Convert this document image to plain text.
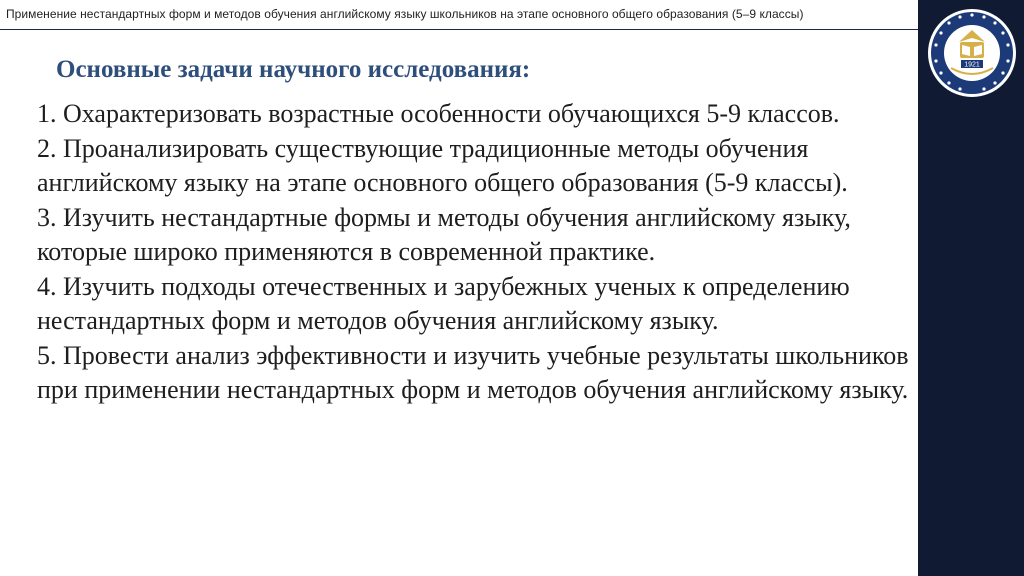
Применение нестандартных форм и методов обучения английскому языку школьников на этапе основного общего образования (5–9 классы)
1921
Основные задачи научного исследования:
1. Охарактеризовать возрастные особенности обучающихся 5-9 классов.
2. Проанализировать существующие традиционные методы обучения английскому языку на этапе основного общего образования (5-9 классы).
3. Изучить нестандартные формы и методы обучения английскому языку, которые широко применяются в современной практике.
4. Изучить подходы отечественных и зарубежных ученых к определению нестандартных форм и методов обучения английскому языку.
5. Провести анализ эффективности и изучить учебные результаты школьников при применении нестандартных форм и методов обучения английскому языку.
